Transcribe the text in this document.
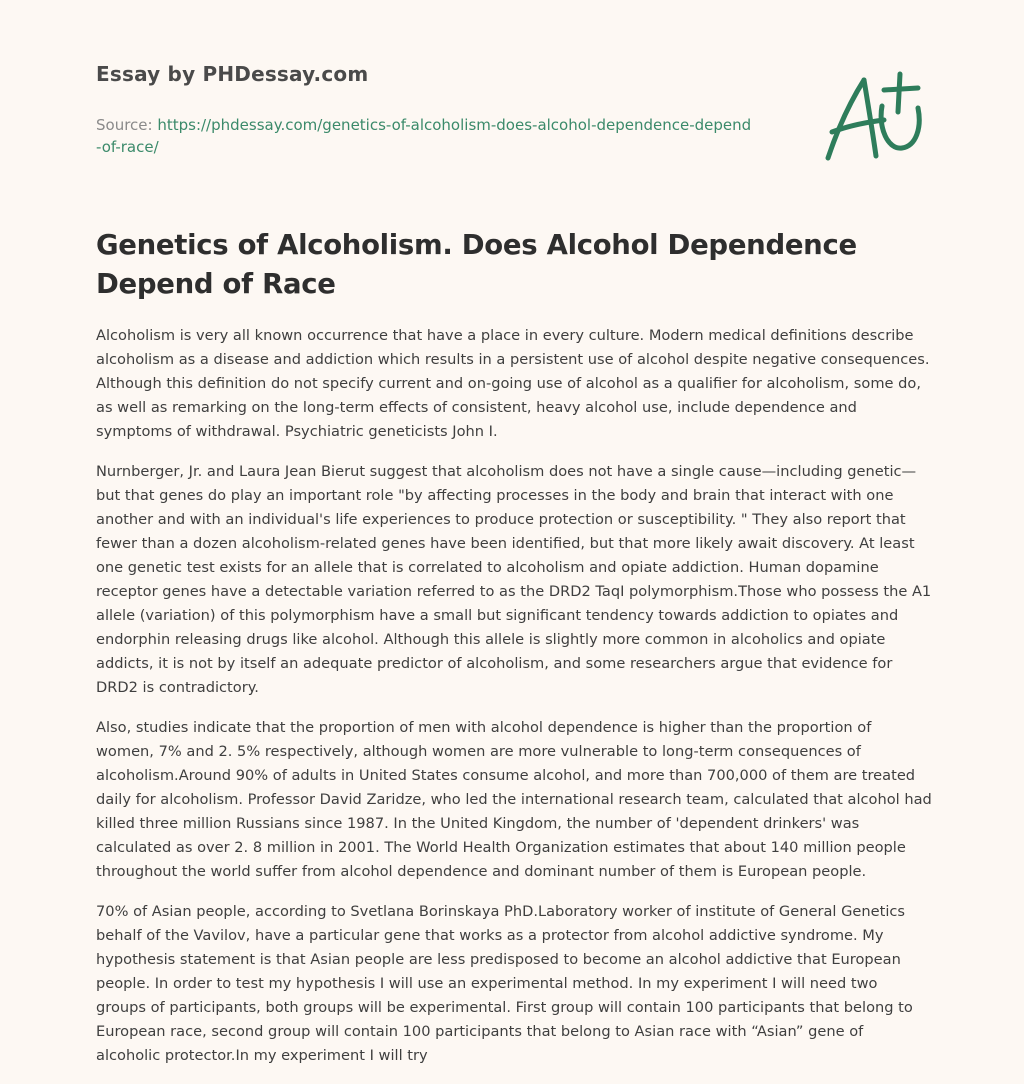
Essay by PHDessay.com
Source: https://phdessay.com/genetics-of-alcoholism-does-alcohol-dependence-depend-of-race/
Genetics of Alcoholism. Does Alcohol Dependence Depend of Race

Alcoholism is very all known occurrence that have a place in every culture. Modern medical definitions describe alcoholism as a disease and addiction which results in a persistent use of alcohol despite negative consequences. Although this definition do not specify current and on-going use of alcohol as a qualifier for alcoholism, some do, as well as remarking on the long-term effects of consistent, heavy alcohol use, include dependence and symptoms of withdrawal. Psychiatric geneticists John I.

Nurnberger, Jr. and Laura Jean Bierut suggest that alcoholism does not have a single cause—including genetic—but that genes do play an important role "by affecting processes in the body and brain that interact with one another and with an individual's life experiences to produce protection or susceptibility. " They also report that fewer than a dozen alcoholism-related genes have been identified, but that more likely await discovery. At least one genetic test exists for an allele that is correlated to alcoholism and opiate addiction. Human dopamine receptor genes have a detectable variation referred to as the DRD2 TaqI polymorphism.Those who possess the A1 allele (variation) of this polymorphism have a small but significant tendency towards addiction to opiates and endorphin releasing drugs like alcohol. Although this allele is slightly more common in alcoholics and opiate addicts, it is not by itself an adequate predictor of alcoholism, and some researchers argue that evidence for DRD2 is contradictory.

Also, studies indicate that the proportion of men with alcohol dependence is higher than the proportion of women, 7% and 2. 5% respectively, although women are more vulnerable to long-term consequences of alcoholism.Around 90% of adults in United States consume alcohol, and more than 700,000 of them are treated daily for alcoholism. Professor David Zaridze, who led the international research team, calculated that alcohol had killed three million Russians since 1987. In the United Kingdom, the number of 'dependent drinkers' was calculated as over 2. 8 million in 2001. The World Health Organization estimates that about 140 million people throughout the world suffer from alcohol dependence and dominant number of them is European people.

70% of Asian people, according to Svetlana Borinskaya PhD.Laboratory worker of institute of General Genetics behalf of the Vavilov, have a particular gene that works as a protector from alcohol addictive syndrome. My hypothesis statement is that Asian people are less predisposed to become an alcohol addictive that European people. In order to test my hypothesis I will use an experimental method. In my experiment I will need two groups of participants, both groups will be experimental. First group will contain 100 participants that belong to European race, second group will contain 100 participants that belong to Asian race with “Asian” gene of alcoholic protector.In my experiment I will try
